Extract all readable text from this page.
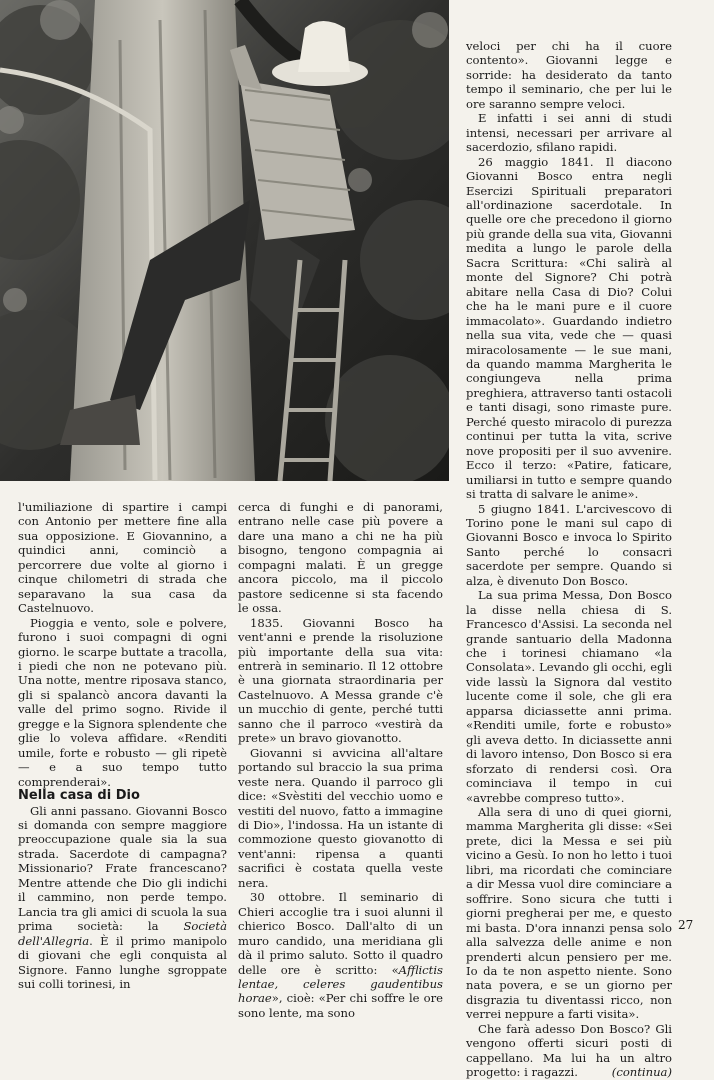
l'umiliazione di spartire i campi con Antonio per mettere fine alla sua opposizione. E Giovannino, a quindici anni, cominciò a percorrere due volte al giorno i cinque chilometri di strada che separavano la sua casa da Castelnuovo.

Pioggia e vento, sole e polvere, furono i suoi compagni di ogni giorno. le scarpe buttate a tracolla, i piedi che non ne potevano più. Una notte, mentre riposava stanco, gli si spalancò ancora davanti la valle del primo sogno. Rivide il gregge e la Signora splendente che glie lo voleva affidare. «Renditi umile, forte e robusto — gli ripetè — e a suo tempo tutto comprenderai».

Nella casa di Dio

Gli anni passano. Giovanni Bosco si domanda con sempre maggiore preoccupazione quale sia la sua strada. Sacerdote di campagna? Missionario? Frate francescano? Mentre attende che Dio gli indichi il cammino, non perde tempo. Lancia tra gli amici di scuola la sua prima società: la Società dell'Allegria. È il primo manipolo di giovani che egli conquista al Signore. Fanno lunghe sgroppate sui colli torinesi, in

cerca di funghi e di panorami, entrano nelle case più povere a dare una mano a chi ne ha più bisogno, tengono compagnia ai compagni malati. È un gregge ancora piccolo, ma il piccolo pastore sedicenne si sta facendo le ossa.

1835. Giovanni Bosco ha vent'anni e prende la risoluzione più importante della sua vita: entrerà in seminario. Il 12 ottobre è una giornata straordinaria per Castelnuovo. A Messa grande c'è un mucchio di gente, perché tutti sanno che il parroco «vestirà da prete» un bravo giovanotto.

Giovanni si avvicina all'altare portando sul braccio la sua prima veste nera. Quando il parroco gli dice: «Svèstiti del vecchio uomo e vestiti del nuovo, fatto a immagine di Dio», l'indossa. Ha un istante di commozione questo giovanotto di vent'anni: ripensa a quanti sacrifici è costata quella veste nera.

30 ottobre. Il seminario di Chieri accoglie tra i suoi alunni il chierico Bosco. Dall'alto di un muro candido, una meridiana gli dà il primo saluto. Sotto il quadro delle ore è scritto: «Afflictis lentae, celeres gaudentibus horae», cioè: «Per chi soffre le ore sono lente, ma sono

veloci per chi ha il cuore contento». Giovanni legge e sorride: ha desiderato da tanto tempo il seminario, che per lui le ore saranno sempre veloci.

E infatti i sei anni di studi intensi, necessari per arrivare al sacerdozio, sfilano rapidi.

26 maggio 1841. Il diacono Giovanni Bosco entra negli Esercizi Spirituali preparatori all'ordinazione sacerdotale. In quelle ore che precedono il giorno più grande della sua vita, Giovanni medita a lungo le parole della Sacra Scrittura: «Chi salirà al monte del Signore? Chi potrà abitare nella Casa di Dio? Colui che ha le mani pure e il cuore immacolato». Guardando indietro nella sua vita, vede che — quasi miracolosamente — le sue mani, da quando mamma Margherita le congiungeva nella prima preghiera, attraverso tanti ostacoli e tanti disagi, sono rimaste pure. Perché questo miracolo di purezza continui per tutta la vita, scrive nove propositi per il suo avvenire. Ecco il terzo: «Patire, faticare, umiliarsi in tutto e sempre quando si tratta di salvare le anime».

5 giugno 1841. L'arcivescovo di Torino pone le mani sul capo di Giovanni Bosco e invoca lo Spirito Santo perché lo consacri sacerdote per sempre. Quando si alza, è divenuto Don Bosco.

La sua prima Messa, Don Bosco la disse nella chiesa di S. Francesco d'Assisi. La seconda nel grande santuario della Madonna che i torinesi chiamano «la Consolata». Levando gli occhi, egli vide lassù la Signora dal vestito lucente come il sole, che gli era apparsa diciassette anni prima. «Renditi umile, forte e robusto» gli aveva detto. In diciassette anni di lavoro intenso, Don Bosco si era sforzato di rendersi così. Ora cominciava il tempo in cui «avrebbe compreso tutto».

Alla sera di uno di quei giorni, mamma Margherita gli disse: «Sei prete, dici la Messa e sei più vicino a Gesù. Io non ho letto i tuoi libri, ma ricordati che cominciare a dir Messa vuol dire cominciare a soffrire. Sono sicura che tutti i giorni pregherai per me, e questo mi basta. D'ora innanzi pensa solo alla salvezza delle anime e non prenderti alcun pensiero per me. Io da te non aspetto niente. Sono nata povera, e se un giorno per disgrazia tu diventassi ricco, non verrei neppure a farti visita».

Che farà adesso Don Bosco? Gli vengono offerti sicuri posti di cappellano. Ma lui ha un altro progetto: i ragazzi.	(continua)

27
